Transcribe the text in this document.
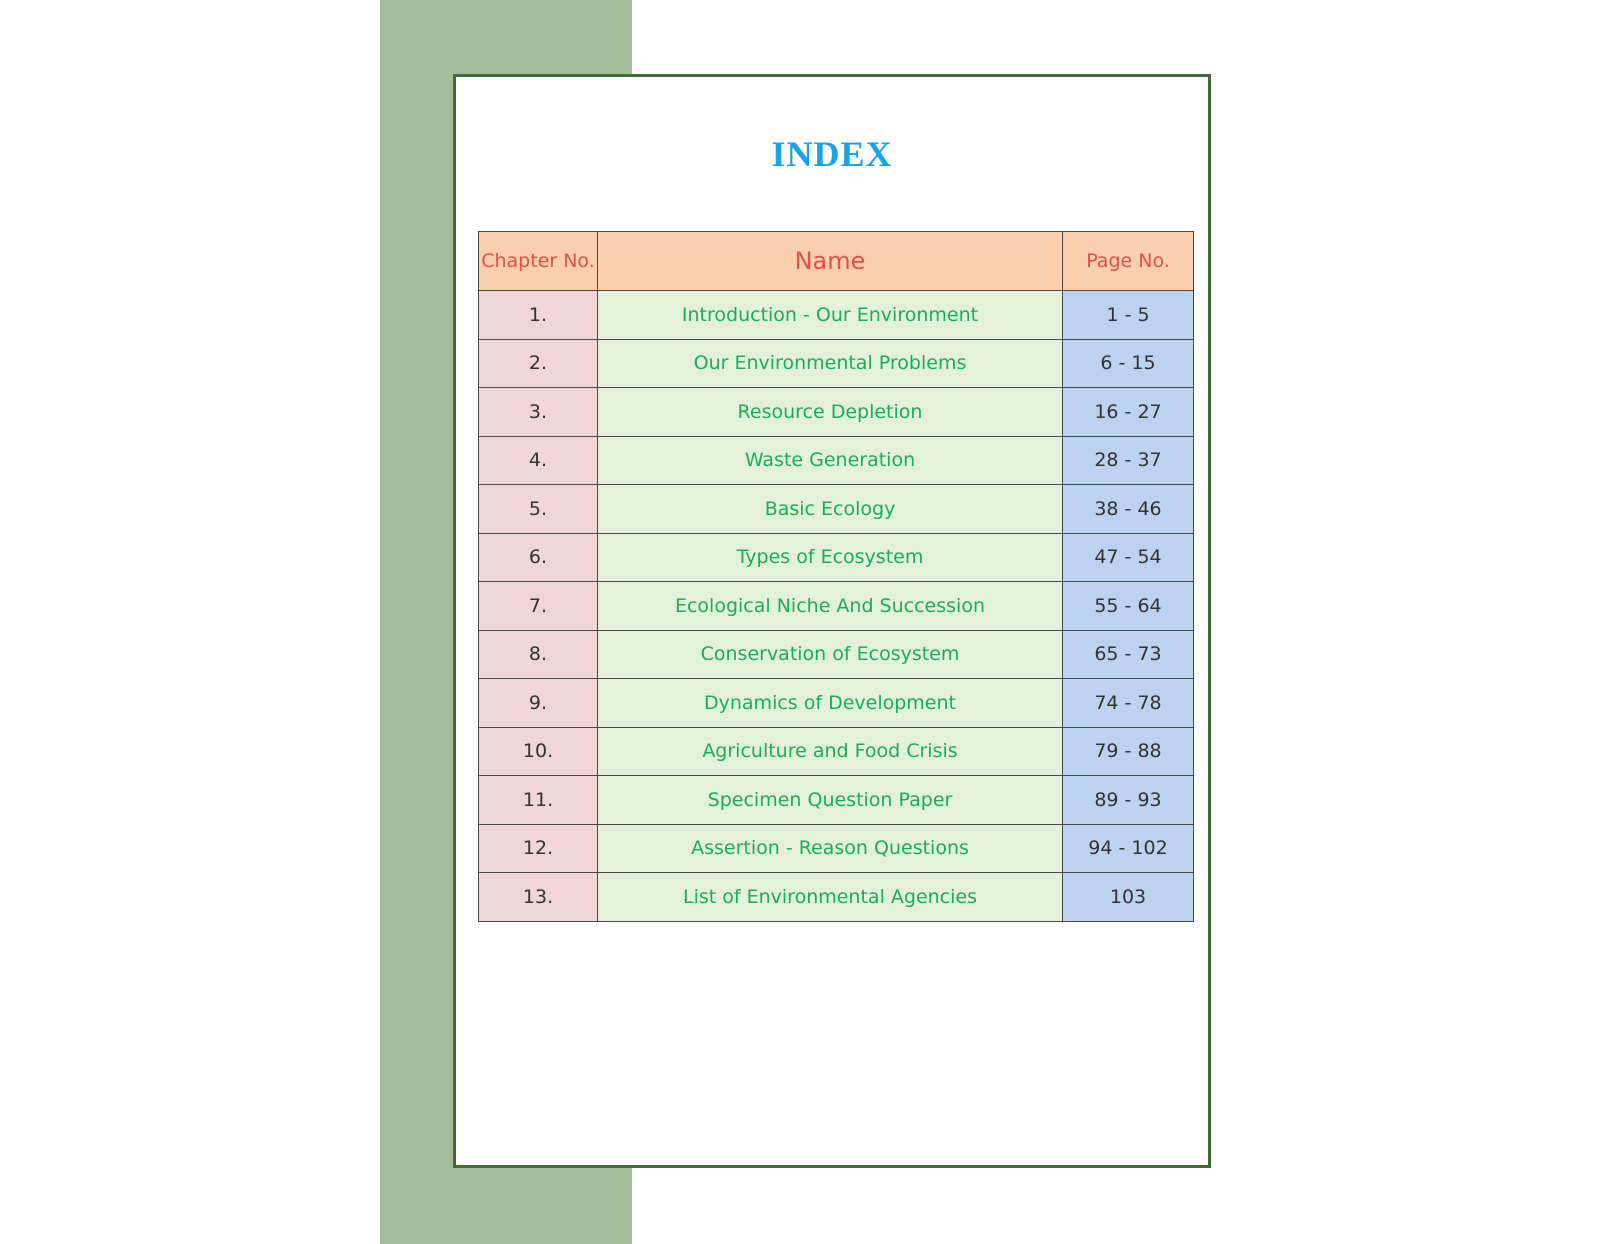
INDEX
Chapter No.	Name	Page No.
1.	Introduction - Our Environment	1 - 5
2.	Our Environmental Problems	6 - 15
3.	Resource Depletion	16 - 27
4.	Waste Generation	28 - 37
5.	Basic Ecology	38 - 46
6.	Types of Ecosystem	47 - 54
7.	Ecological Niche And Succession	55 - 64
8.	Conservation of Ecosystem	65 - 73
9.	Dynamics of Development	74 - 78
10.	Agriculture and Food Crisis	79 - 88
11.	Specimen Question Paper	89 - 93
12.	Assertion - Reason Questions	94 - 102
13.	List of Environmental Agencies	103
